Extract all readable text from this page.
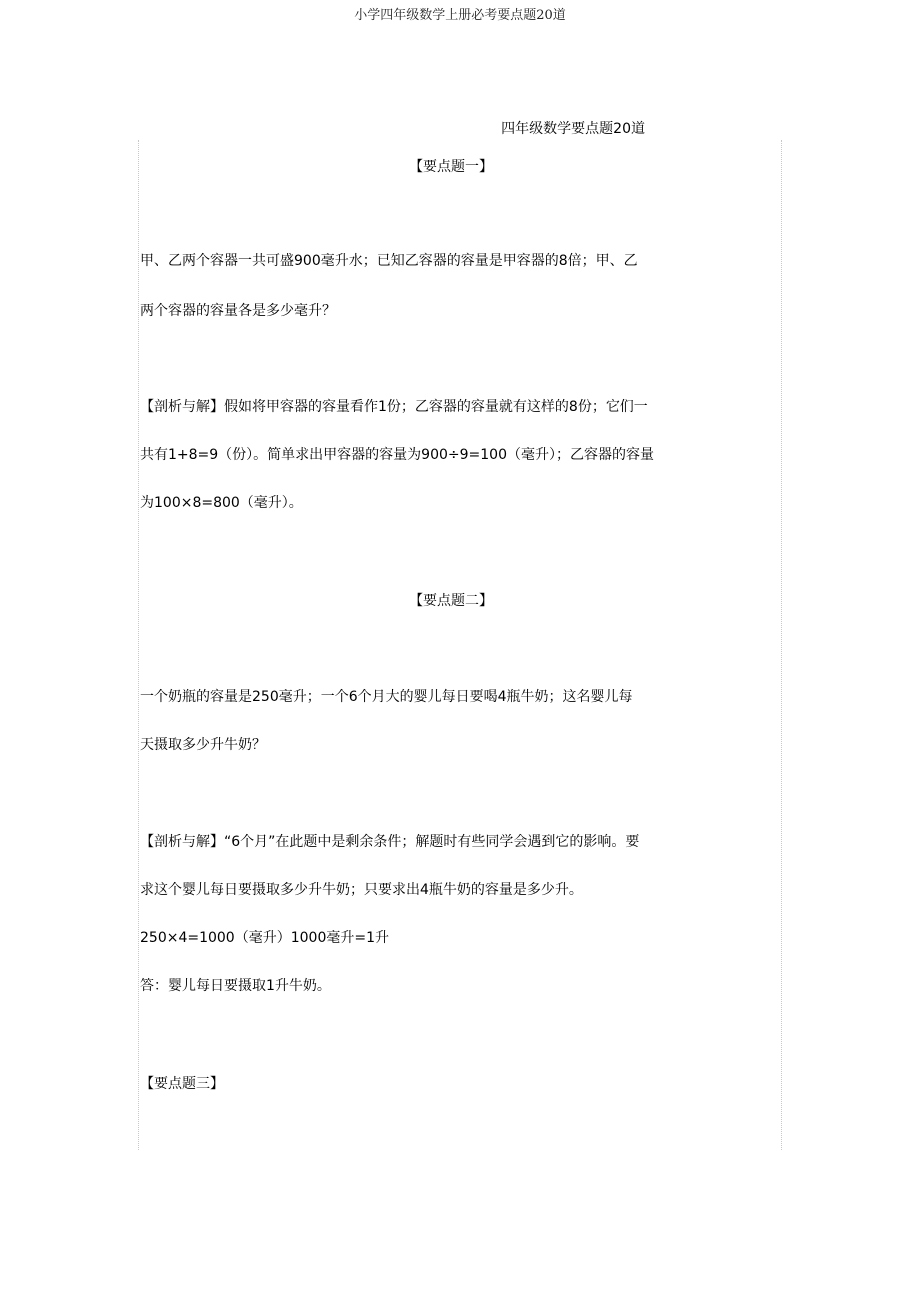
小学四年级数学上册必考要点题20道
四年级数学要点题20道
【要点题一】
甲、乙两个容器一共可盛900毫升水；已知乙容器的容量是甲容器的8倍；甲、乙
两个容器的容量各是多少毫升？
【剖析与解】假如将甲容器的容量看作1份；乙容器的容量就有这样的8份；它们一
共有1+8=9（份）。简单求出甲容器的容量为900÷9=100（毫升）；乙容器的容量
为100×8=800（毫升）。
【要点题二】
一个奶瓶的容量是250毫升；一个6个月大的婴儿每日要喝4瓶牛奶；这名婴儿每
天摄取多少升牛奶？
【剖析与解】“6个月”在此题中是剩余条件；解题时有些同学会遇到它的影响。要
求这个婴儿每日要摄取多少升牛奶；只要求出4瓶牛奶的容量是多少升。
250×4=1000（毫升）1000毫升=1升
答：婴儿每日要摄取1升牛奶。
【要点题三】
